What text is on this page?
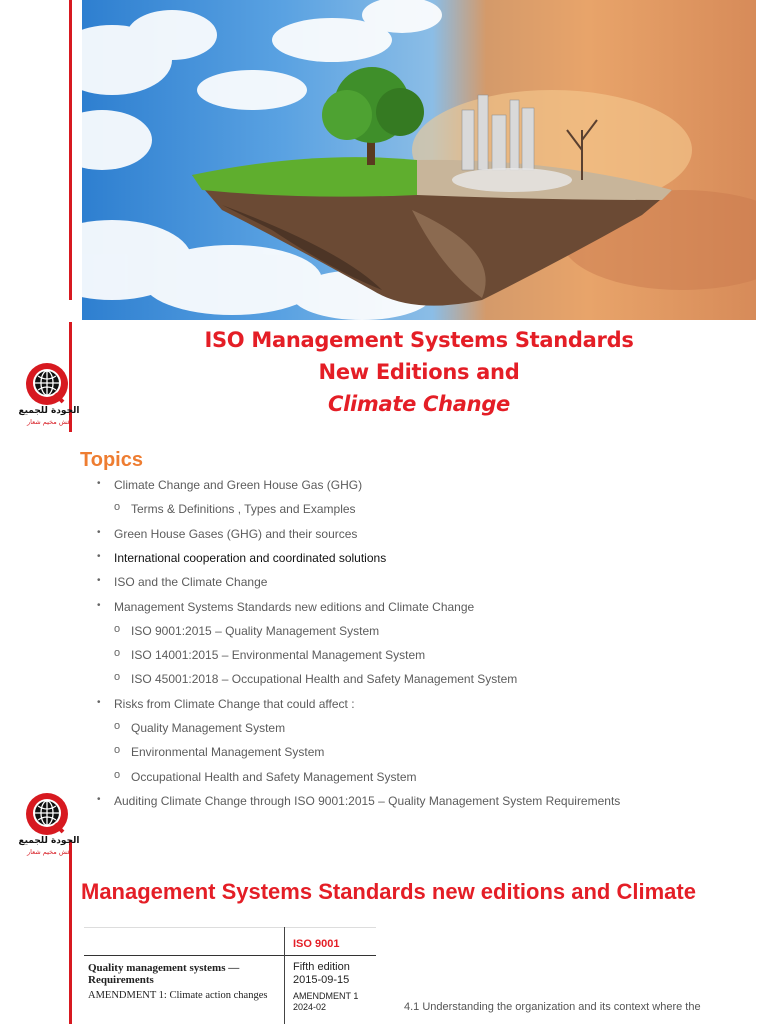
ISO Management Systems Standards
New Editions and
Climate Change
الجودة للجميع
عش مخيم شعار
Topics
• Climate Change and Green House Gas (GHG)
o Terms & Definitions , Types and Examples
• Green House Gases (GHG) and their sources
• International cooperation and coordinated solutions
• ISO and the Climate Change
• Management Systems Standards new editions and Climate Change
o ISO 9001:2015 – Quality Management System
o ISO 14001:2015 – Environmental Management System
o ISO 45001:2018 – Occupational Health and Safety Management System
• Risks from Climate Change that could affect :
o Quality Management System
o Environmental Management System
o Occupational Health and Safety Management System
• Auditing Climate Change through ISO 9001:2015 – Quality Management System Requirements
الجودة للجميع
عش مخيم شعار
Management Systems Standards new editions and Climate
ISO 9001
Quality management systems — Requirements
AMENDMENT 1: Climate action changes
Fifth edition
2015-09-15
AMENDMENT 1
2024-02	4.1 Understanding the organization and its context where the
